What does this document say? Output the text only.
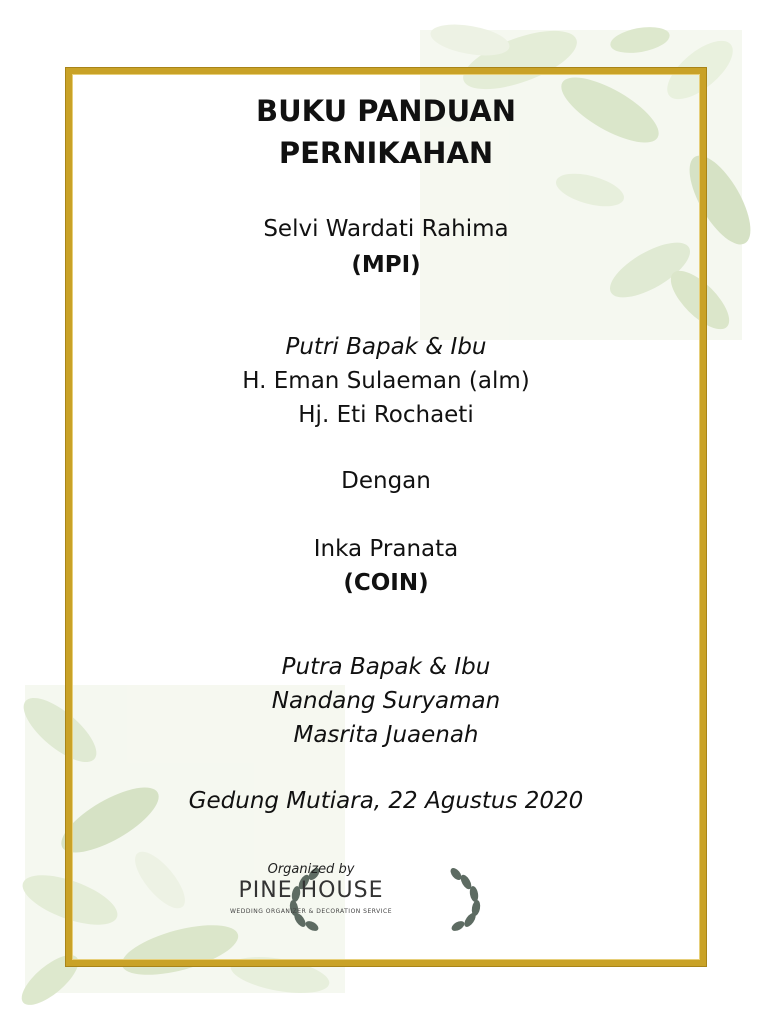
BUKU PANDUAN
PERNIKAHAN
Selvi Wardati Rahima
(MPI)
Putri Bapak & Ibu
H. Eman Sulaeman (alm)
Hj. Eti Rochaeti
Dengan
Inka Pranata
(COIN)
Putra Bapak & Ibu
Nandang Suryaman
Masrita Juaenah
Gedung Mutiara, 22 Agustus 2020
Organized by
PINE HOUSE
WEDDING ORGANIZER & DECORATION SERVICE
